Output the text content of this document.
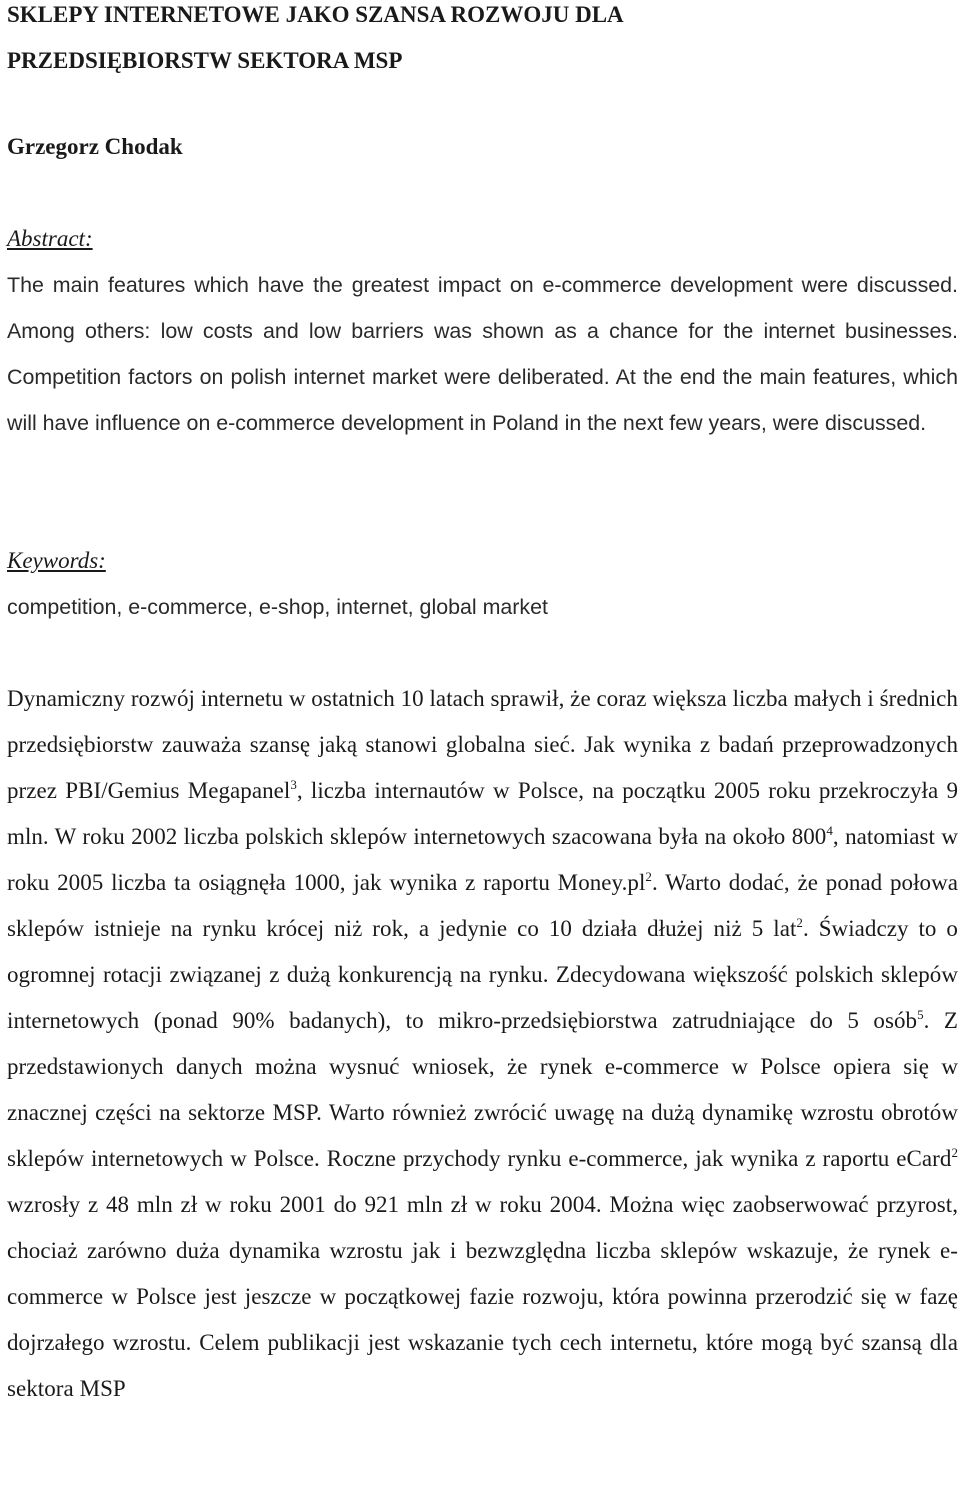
SKLEPY INTERNETOWE JAKO SZANSA ROZWOJU DLA
PRZEDSIĘBIORSTW SEKTORA MSP
Grzegorz Chodak
Abstract:

The main features which have the greatest impact on e-commerce development were discussed. Among others: low costs and low barriers was shown as a chance for the internet businesses. Competition factors on polish internet market were deliberated. At the end the main features, which will have influence on e-commerce development in Poland in the next few years, were discussed.

Keywords:

competition, e-commerce, e-shop, internet, global market

Dynamiczny rozwój internetu w ostatnich 10 latach sprawił, że coraz większa liczba małych i średnich przedsiębiorstw zauważa szansę jaką stanowi globalna sieć. Jak wynika z badań przeprowadzonych przez PBI/Gemius Megapanel$^3$, liczba internautów w Polsce, na początku 2005 roku przekroczyła 9 mln. W roku 2002 liczba polskich sklepów internetowych szacowana była na około $800^4$, natomiast w roku 2005 liczba ta osiągnęła 1000, jak wynika z raportu $Money.pl^2$. Warto dodać, że ponad połowa sklepów istnieje na rynku krócej niż rok, a jedynie co 10 działa dłużej niż 5 lat$^2$. Świadczy to o ogromnej rotacji związanej z dużą konkurencją na rynku. Zdecydowana większość polskich sklepów internetowych (ponad 90% badanych), to mikro-przedsiębiorstwa zatrudniające do 5 osób$^5$. Z przedstawionych danych można wysnuć wniosek, że rynek e-commerce w Polsce opiera się w znacznej części na sektorze MSP. Warto również zwrócić uwagę na dużą dynamikę wzrostu obrotów sklepów internetowych w Polsce. Roczne przychody rynku e-commerce, jak wynika z raportu eCard$^2$ wzrosły z 48 mln zł w roku 2001 do 921 mln zł w roku 2004. Można więc zaobserwować przyrost, chociaż zarówno duża dynamika wzrostu jak i bezwzględna liczba sklepów wskazuje, że rynek e-commerce w Polsce jest jeszcze w początkowej fazie rozwoju, która powinna przerodzić się w fazę dojrzałego wzrostu. Celem publikacji jest wskazanie tych cech internetu, które mogą być szansą dla sektora MSP
